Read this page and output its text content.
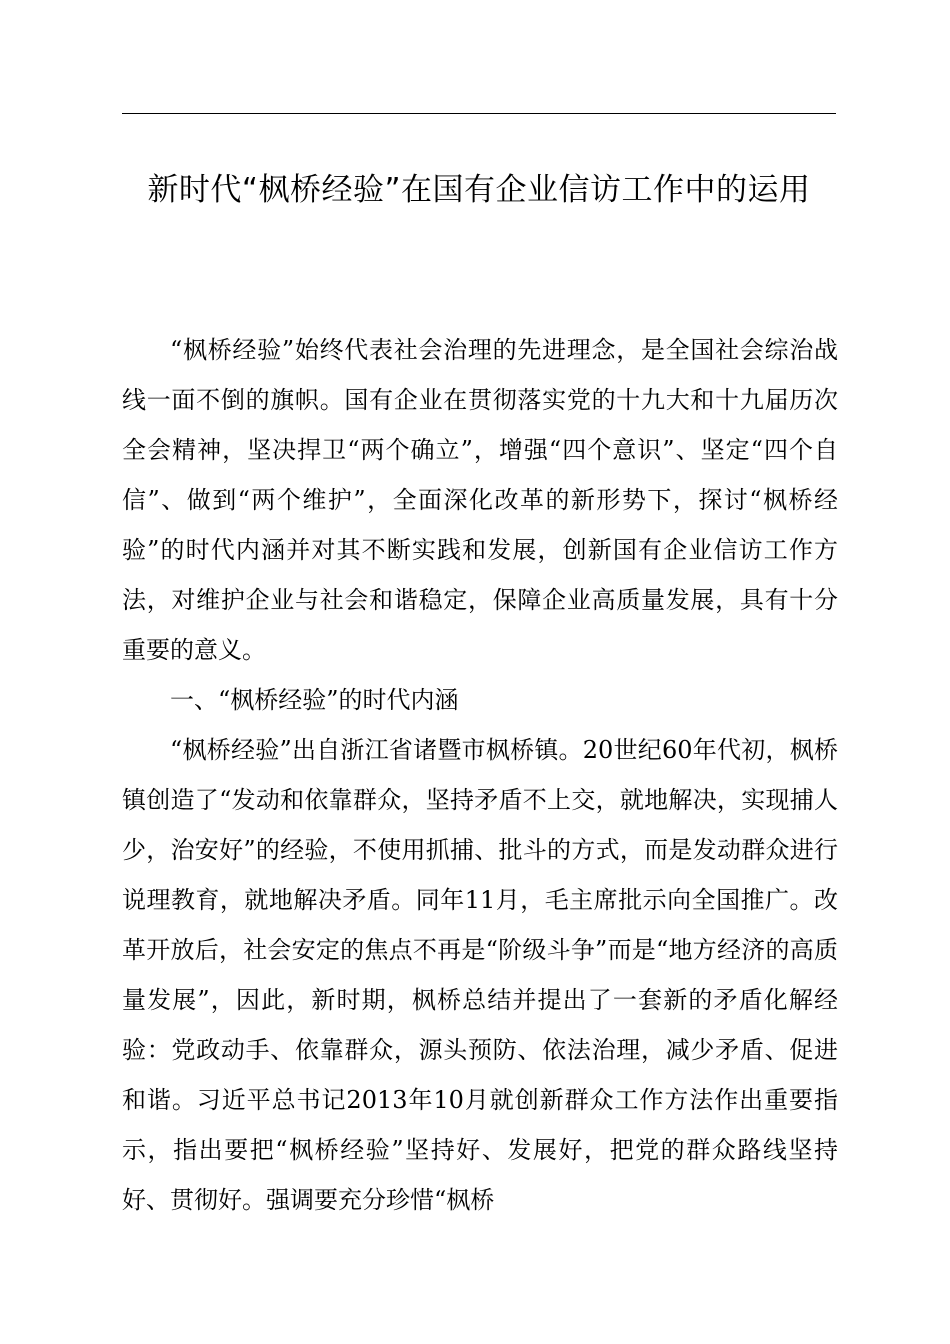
新时代“枫桥经验”在国有企业信访工作中的运用

“枫桥经验”始终代表社会治理的先进理念，是全国社会综治战线一面不倒的旗帜。国有企业在贯彻落实党的十九大和十九届历次全会精神，坚决捍卫“两个确立”，增强“四个意识”、坚定“四个自信”、做到“两个维护”，全面深化改革的新形势下，探讨“枫桥经验”的时代内涵并对其不断实践和发展，创新国有企业信访工作方法，对维护企业与社会和谐稳定，保障企业高质量发展，具有十分重要的意义。

一、“枫桥经验”的时代内涵

“枫桥经验”出自浙江省诸暨市枫桥镇。20世纪60年代初，枫桥镇创造了“发动和依靠群众，坚持矛盾不上交，就地解决，实现捕人少，治安好”的经验，不使用抓捕、批斗的方式，而是发动群众进行说理教育，就地解决矛盾。同年11月，毛主席批示向全国推广。改革开放后，社会安定的焦点不再是“阶级斗争”而是“地方经济的高质量发展”，因此，新时期，枫桥总结并提出了一套新的矛盾化解经验：党政动手、依靠群众，源头预防、依法治理，减少矛盾、促进和谐。习近平总书记2013年10月就创新群众工作方法作出重要指示，指出要把“枫桥经验”坚持好、发展好，把党的群众路线坚持好、贯彻好。强调要充分珍惜“枫桥
